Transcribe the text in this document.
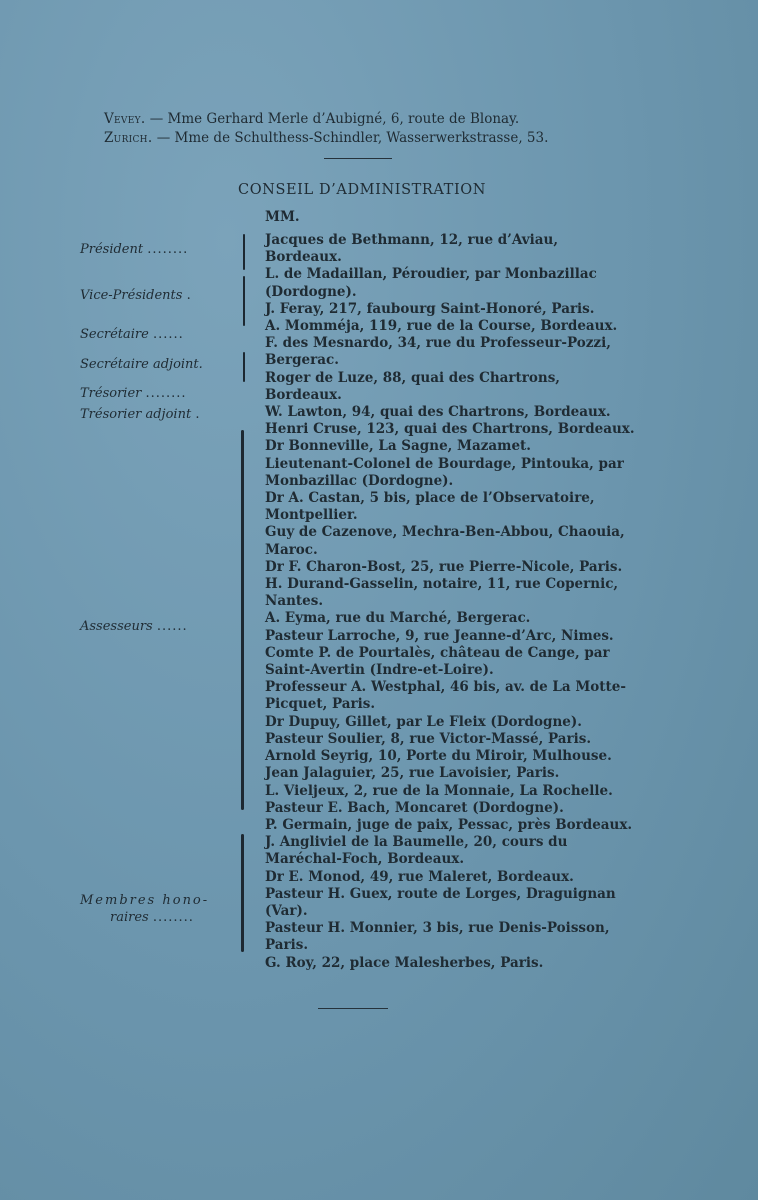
Vevey. — Mme Gerhard Merle d’Aubigné, 6, route de Blonay.
Zurich. — Mme de Schulthess-Schindler, Wasserwerkstrasse, 53.
CONSEIL D’ADMINISTRATION
MM.
Président ........
Vice-Présidents .
Secrétaire ......
Secrétaire adjoint.
Trésorier ........
Trésorier adjoint .
Assesseurs ......
Membres hono-
raires ........

Jacques de Bethmann, 12, rue d’Aviau, Bordeaux.

L. de Madaillan, Péroudier, par Monbazillac (Dordogne).

J. Feray, 217, faubourg Saint-Honoré, Paris.

A. Momméja, 119, rue de la Course, Bordeaux.

F. des Mesnardo, 34, rue du Professeur-Pozzi, Bergerac.

Roger de Luze, 88, quai des Chartrons, Bordeaux.

W. Lawton, 94, quai des Chartrons, Bordeaux.

Henri Cruse, 123, quai des Chartrons, Bordeaux.

Dr Bonneville, La Sagne, Mazamet.

Lieutenant-Colonel de Bourdage, Pintouka, par Monbazillac (Dordogne).

Dr A. Castan, 5 bis, place de l’Observatoire, Montpellier.

Guy de Cazenove, Mechra-Ben-Abbou, Chaouia, Maroc.

Dr F. Charon-Bost, 25, rue Pierre-Nicole, Paris.

H. Durand-Gasselin, notaire, 11, rue Copernic, Nantes.

A. Eyma, rue du Marché, Bergerac.

Pasteur Larroche, 9, rue Jeanne-d’Arc, Nimes.

Comte P. de Pourtalès, château de Cange, par Saint-Avertin (Indre-et-Loire).

Professeur A. Westphal, 46 bis, av. de La Motte-Picquet, Paris.

Dr Dupuy, Gillet, par Le Fleix (Dordogne).

Pasteur Soulier, 8, rue Victor-Massé, Paris.

Arnold Seyrig, 10, Porte du Miroir, Mulhouse.

Jean Jalaguier, 25, rue Lavoisier, Paris.

L. Vieljeux, 2, rue de la Monnaie, La Rochelle.

Pasteur E. Bach, Moncaret (Dordogne).

P. Germain, juge de paix, Pessac, près Bordeaux.

J. Angliviel de la Baumelle, 20, cours du Maréchal-Foch, Bordeaux.

Dr E. Monod, 49, rue Maleret, Bordeaux.

Pasteur H. Guex, route de Lorges, Draguignan (Var).

Pasteur H. Monnier, 3 bis, rue Denis-Poisson, Paris.

G. Roy, 22, place Malesherbes, Paris.
